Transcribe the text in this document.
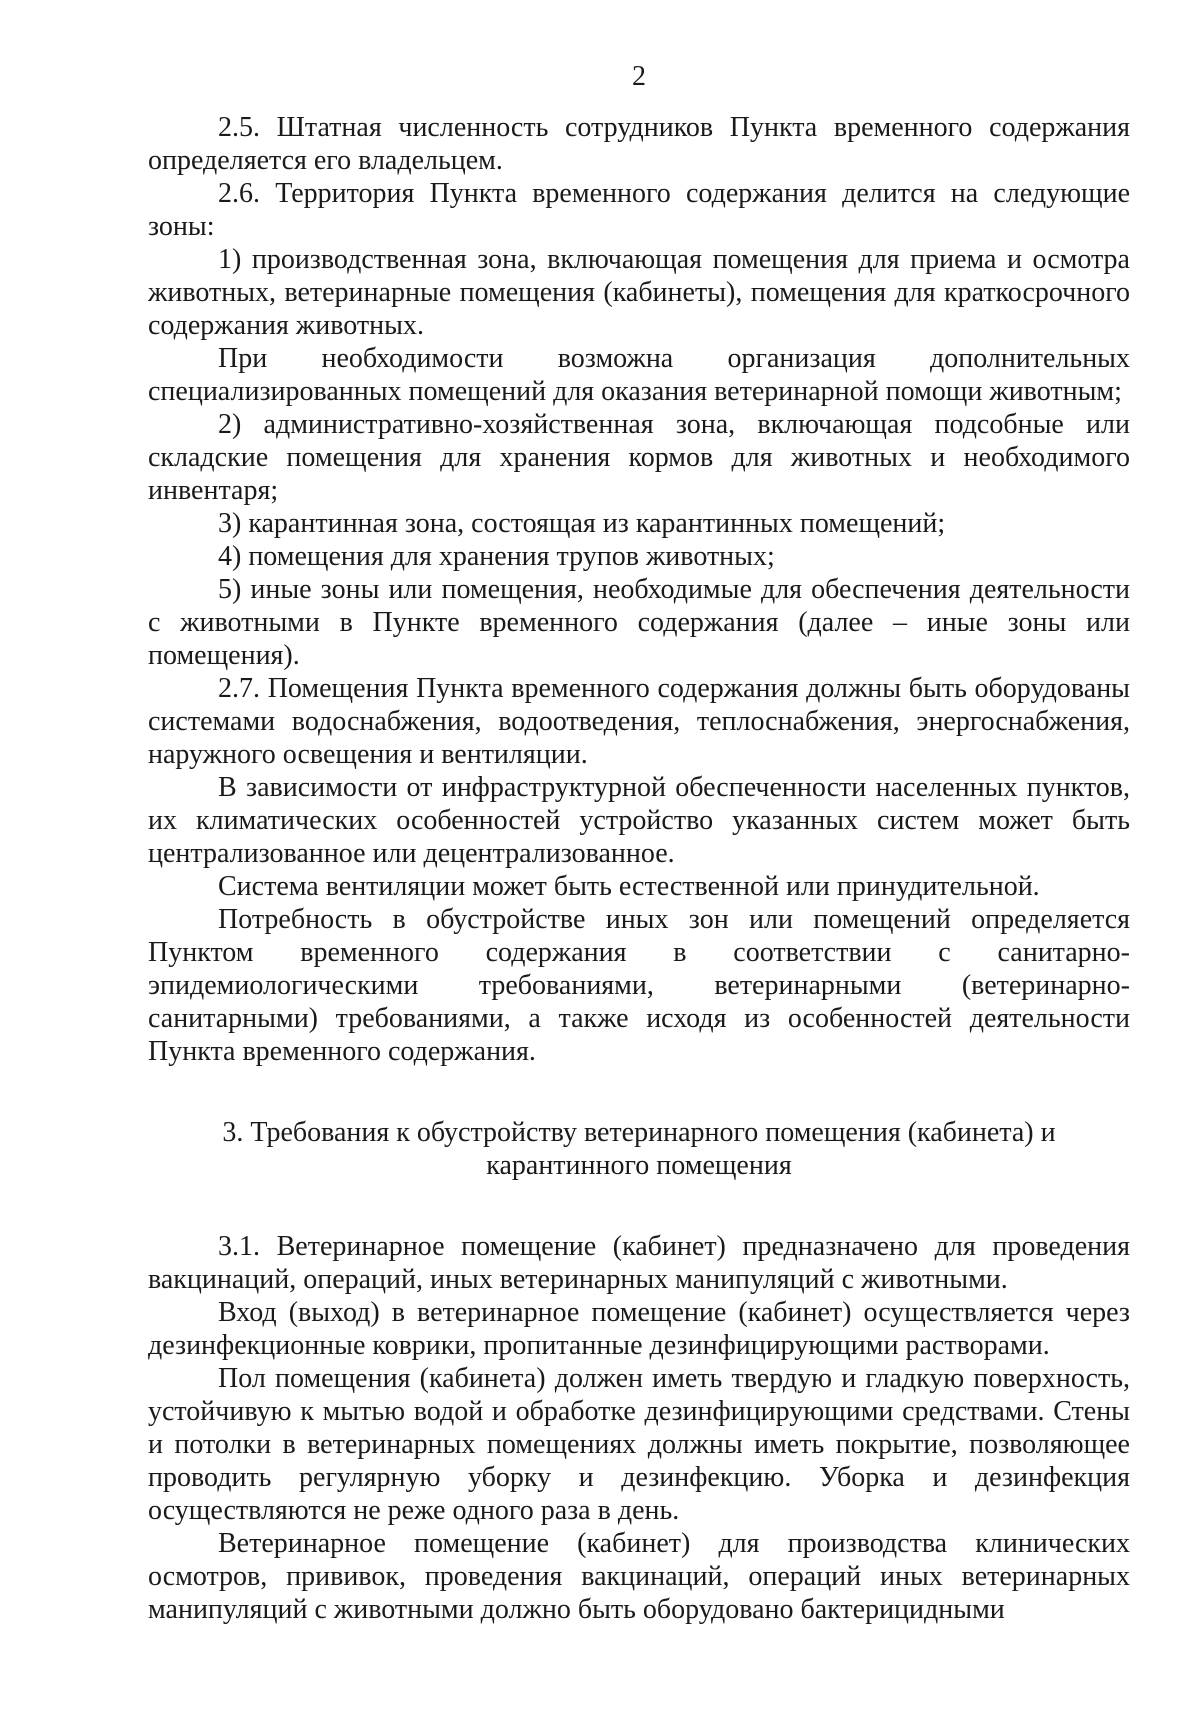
2

2.5. Штатная численность сотрудников Пункта временного содержания определяется его владельцем.

2.6. Территория Пункта временного содержания делится на следующие зоны:

1) производственная зона, включающая помещения для приема и осмотра животных, ветеринарные помещения (кабинеты), помещения для краткосрочного содержания животных.

При необходимости возможна организация дополнительных специализированных помещений для оказания ветеринарной помощи животным;

2) административно-хозяйственная зона, включающая подсобные или складские помещения для хранения кормов для животных и необходимого инвентаря;

3) карантинная зона, состоящая из карантинных помещений;

4) помещения для хранения трупов животных;

5) иные зоны или помещения, необходимые для обеспечения деятельности с животными в Пункте временного содержания (далее – иные зоны или помещения).

2.7. Помещения Пункта временного содержания должны быть оборудованы системами водоснабжения, водоотведения, теплоснабжения, энергоснабжения, наружного освещения и вентиляции.

В зависимости от инфраструктурной обеспеченности населенных пунктов, их климатических особенностей устройство указанных систем может быть централизованное или децентрализованное.

Система вентиляции может быть естественной или принудительной.

Потребность в обустройстве иных зон или помещений определяется Пунктом временного содержания в соответствии с санитарно-эпидемиологическими требованиями, ветеринарными (ветеринарно-санитарными) требованиями, а также исходя из особенностей деятельности Пункта временного содержания.

3. Требования к обустройству ветеринарного помещения (кабинета) и
карантинного помещения

3.1. Ветеринарное помещение (кабинет) предназначено для проведения вакцинаций, операций, иных ветеринарных манипуляций с животными.

Вход (выход) в ветеринарное помещение (кабинет) осуществляется через дезинфекционные коврики, пропитанные дезинфицирующими растворами.

Пол помещения (кабинета) должен иметь твердую и гладкую поверхность, устойчивую к мытью водой и обработке дезинфицирующими средствами. Стены и потолки в ветеринарных помещениях должны иметь покрытие, позволяющее проводить регулярную уборку и дезинфекцию. Уборка и дезинфекция осуществляются не реже одного раза в день.

Ветеринарное помещение (кабинет) для производства клинических осмотров, прививок, проведения вакцинаций, операций иных ветеринарных манипуляций с животными должно быть оборудовано бактерицидными
